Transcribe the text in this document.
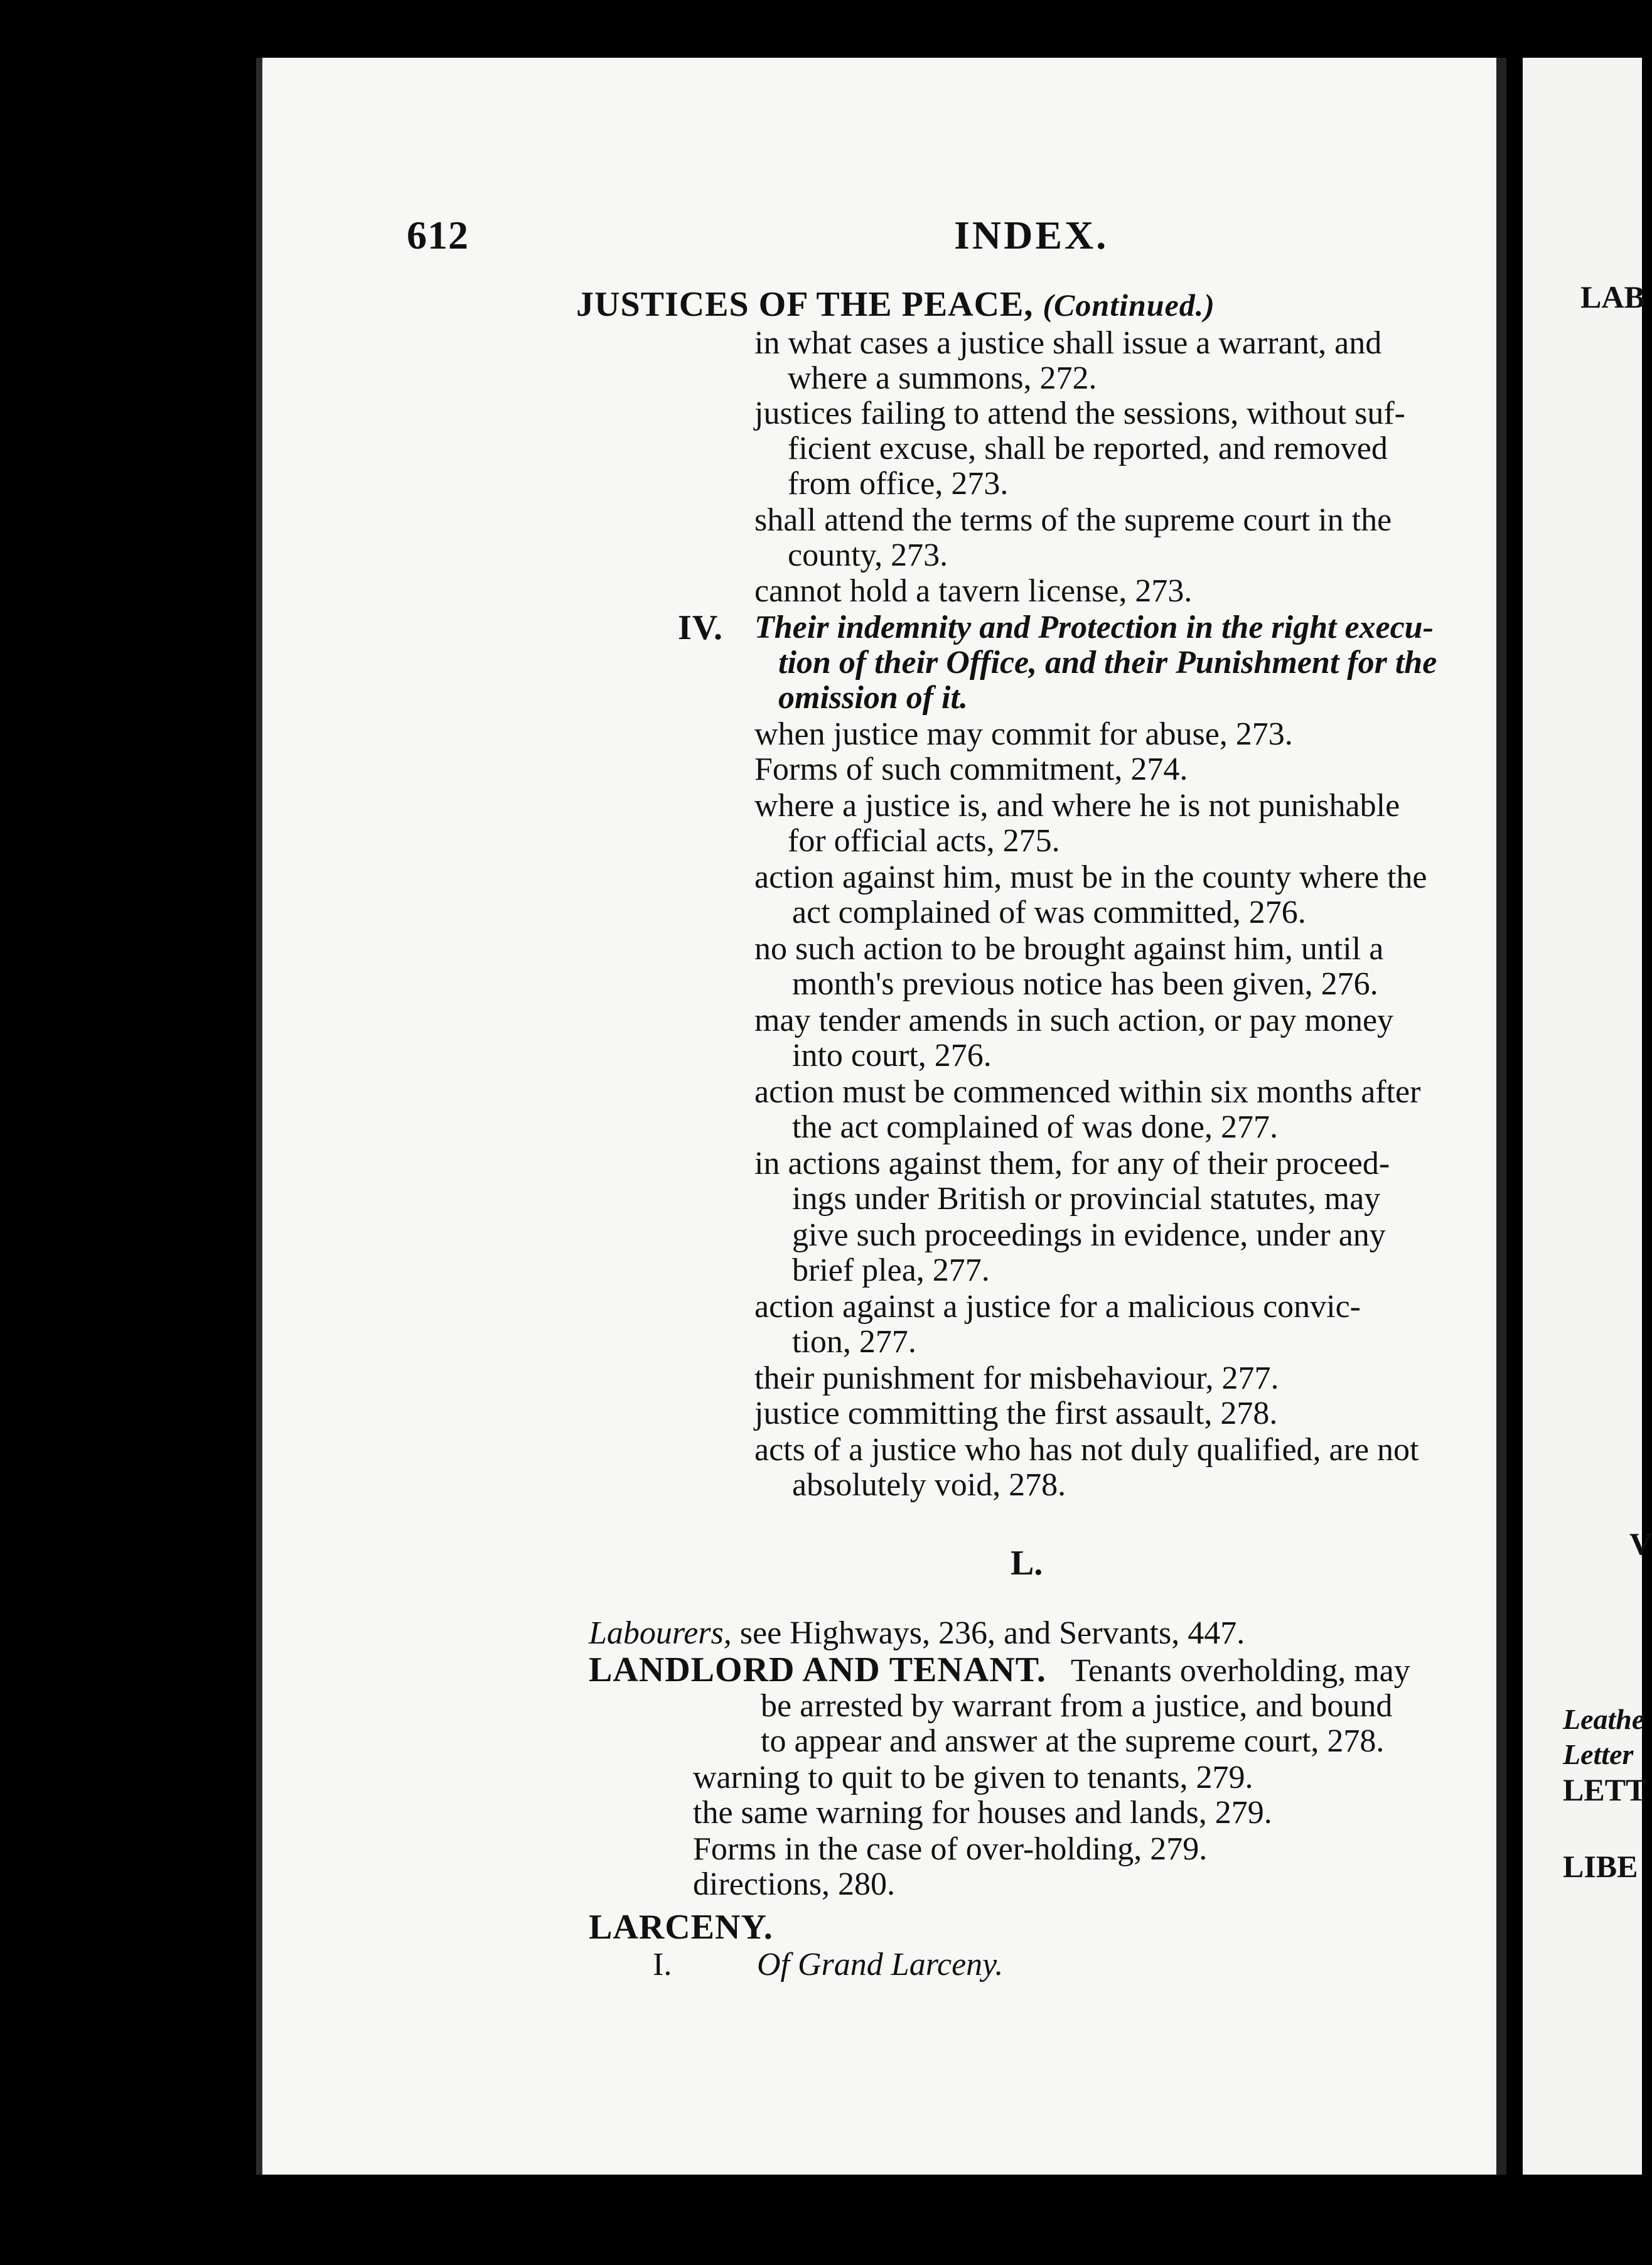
LAB
V
Leathe
Letter
LETT
LIBE
612	INDEX.
JUSTICES OF THE PEACE, (Continued.)
in what cases a justice shall issue a warrant, and
where a summons, 272.
justices failing to attend the sessions, without suf-
ficient excuse, shall be reported, and removed
from office, 273.
shall attend the terms of the supreme court in the
county, 273.
cannot hold a tavern license, 273.
IV. Their indemnity and Protection in the right execu-
tion of their Office, and their Punishment for the
omission of it.
when justice may commit for abuse, 273.
Forms of such commitment, 274.
where a justice is, and where he is not punishable
for official acts, 275.
action against him, must be in the county where the
act complained of was committed, 276.
no such action to be brought against him, until a
month's previous notice has been given, 276.
may tender amends in such action, or pay money
into court, 276.
action must be commenced within six months after
the act complained of was done, 277.
in actions against them, for any of their proceed-
ings under British or provincial statutes, may
give such proceedings in evidence, under any
brief plea, 277.
action against a justice for a malicious convic-
tion, 277.
their punishment for misbehaviour, 277.
justice committing the first assault, 278.
acts of a justice who has not duly qualified, are not
absolutely void, 278.
L.
Labourers, see Highways, 236, and Servants, 447.
LANDLORD AND TENANT. Tenants overholding, may
be arrested by warrant from a justice, and bound
to appear and answer at the supreme court, 278.
warning to quit to be given to tenants, 279.
the same warning for houses and lands, 279.
Forms in the case of over-holding, 279.
directions, 280.
LARCENY.
I.	Of Grand Larceny.
